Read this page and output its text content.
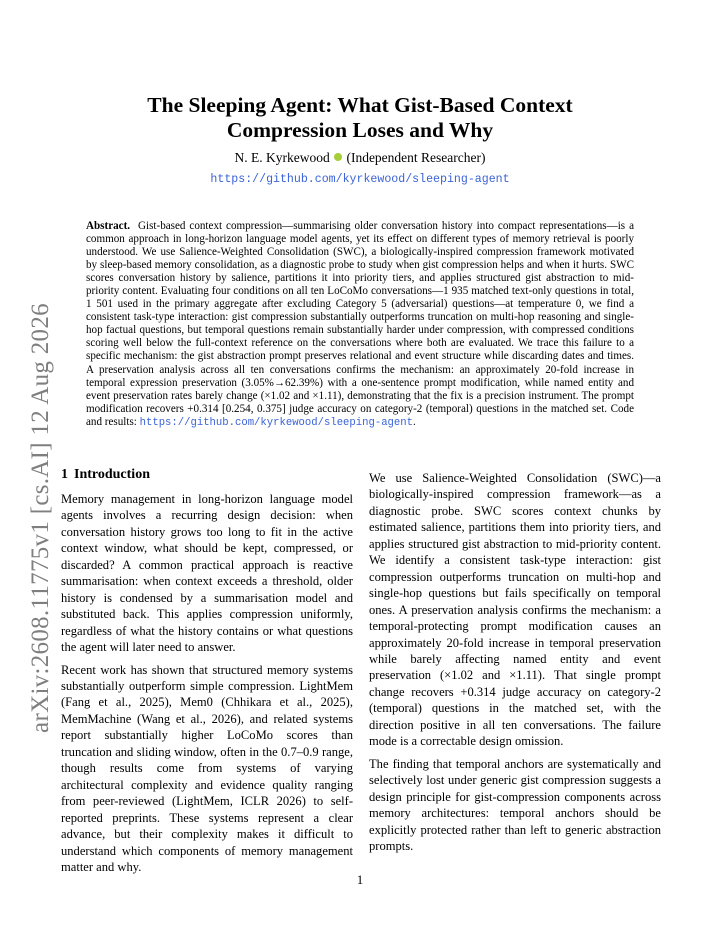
arXiv:2608.11775v1 [cs.AI] 12 Aug 2026
The Sleeping Agent: What Gist-Based Context Compression Loses and Why
N. E. Kyrkewood (Independent Researcher)
https://github.com/kyrkewood/sleeping-agent

Abstract. Gist-based context compression—summarising older conversation history into compact representations—is a common approach in long-horizon language model agents, yet its effect on different types of memory retrieval is poorly understood. We use Salience-Weighted Consolidation (SWC), a biologically-inspired compression framework motivated by sleep-based memory consolidation, as a diagnostic probe to study when gist compression helps and when it hurts. SWC scores conversation history by salience, partitions it into priority tiers, and applies structured gist abstraction to mid-priority content. Evaluating four conditions on all ten LoCoMo conversations—1 935 matched text-only questions in total, 1 501 used in the primary aggregate after excluding Category 5 (adversarial) questions—at temperature 0, we find a consistent task-type interaction: gist compression substantially outperforms truncation on multi-hop reasoning and single-hop factual questions, but temporal questions remain substantially harder under compression, with compressed conditions scoring well below the full-context reference on the conversations where both are evaluated. We trace this failure to a specific mechanism: the gist abstraction prompt preserves relational and event structure while discarding dates and times. A preservation analysis across all ten conversations confirms the mechanism: an approximately 20-fold increase in temporal expression preservation (3.05%→62.39%) with a one-sentence prompt modification, while named entity and event preservation rates barely change (×1.02 and ×1.11), demonstrating that the fix is a precision instrument. The prompt modification recovers +0.314 [0.254, 0.375] judge accuracy on category-2 (temporal) questions in the matched set. Code and results: https://github.com/kyrkewood/sleeping-agent.

1 Introduction

Memory management in long-horizon language model agents involves a recurring design decision: when conversation history grows too long to fit in the active context window, what should be kept, compressed, or discarded? A common practical approach is reactive summarisation: when context exceeds a threshold, older history is condensed by a summarisation model and substituted back. This applies compression uniformly, regardless of what the history contains or what questions the agent will later need to answer.

Recent work has shown that structured memory systems substantially outperform simple compression. LightMem (Fang et al., 2025), Mem0 (Chhikara et al., 2025), MemMachine (Wang et al., 2026), and related systems report substantially higher LoCoMo scores than truncation and sliding window, often in the 0.7–0.9 range, though results come from systems of varying architectural complexity and evidence quality ranging from peer-reviewed (LightMem, ICLR 2026) to self-reported preprints. These systems represent a clear advance, but their complexity makes it difficult to understand which components of memory management matter and why.

We use Salience-Weighted Consolidation (SWC)—a biologically-inspired compression framework—as a diagnostic probe. SWC scores context chunks by estimated salience, partitions them into priority tiers, and applies structured gist abstraction to mid-priority content. We identify a consistent task-type interaction: gist compression outperforms truncation on multi-hop and single-hop questions but fails specifically on temporal ones. A preservation analysis confirms the mechanism: a temporal-protecting prompt modification causes an approximately 20-fold increase in temporal preservation while barely affecting named entity and event preservation (×1.02 and ×1.11). That single prompt change recovers +0.314 judge accuracy on category-2 (temporal) questions in the matched set, with the direction positive in all ten conversations. The failure mode is a correctable design omission.

The finding that temporal anchors are systematically and selectively lost under generic gist compression suggests a design principle for gist-compression components across memory architectures: temporal anchors should be explicitly protected rather than left to generic abstraction prompts.

1
